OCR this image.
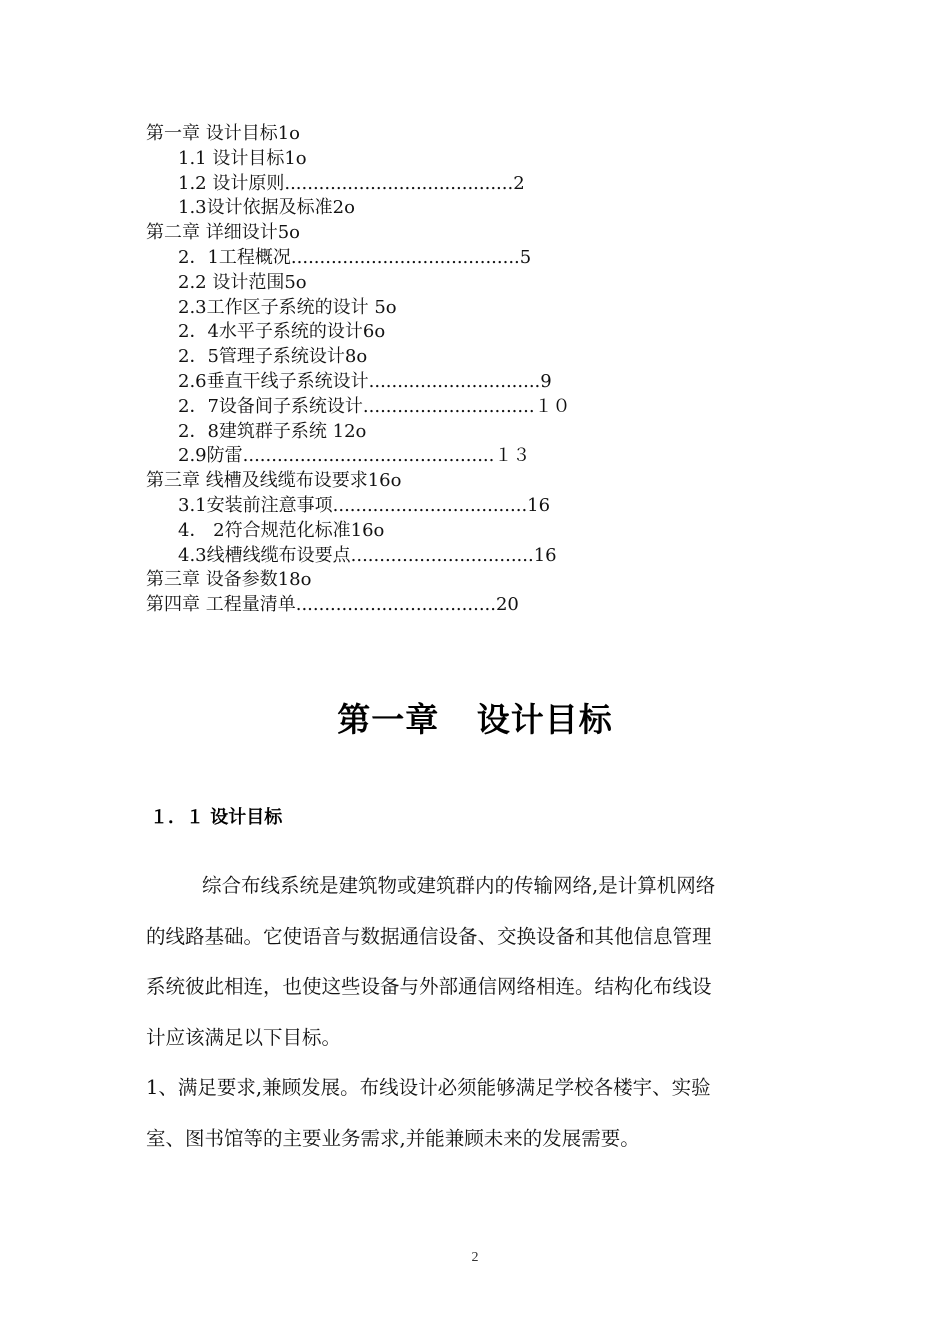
第一章 设计目标1ο
1.1 设计目标1ο
1.2 设计原则........................................2
1.3设计依据及标准2ο
第二章 详细设计5ο
2．1工程概况........................................5
2.2 设计范围5ο
2.3工作区子系统的设计 5ο
2．4水平子系统的设计6ο
2．5管理子系统设计8ο
2.6垂直干线子系统设计..............................9
2．7设备间子系统设计..............................１０
2．8建筑群子系统 12ο
2.9防雷............................................１３
第三章 线槽及线缆布设要求16ο
3.1安装前注意事项..................................16
4． 2符合规范化标准16ο
4.3线槽线缆布设要点................................16
第三章 设备参数18ο
第四章 工程量清单...................................20
第一章   设计目标
１．１ 设计目标
综合布线系统是建筑物或建筑群内的传输网络,是计算机网络
的线路基础。它使语音与数据通信设备、交换设备和其他信息管理
系统彼此相连，也使这些设备与外部通信网络相连。结构化布线设
计应该满足以下目标。
1、满足要求,兼顾发展。布线设计必须能够满足学校各楼宇、实验
室、图书馆等的主要业务需求,并能兼顾未来的发展需要。
2
